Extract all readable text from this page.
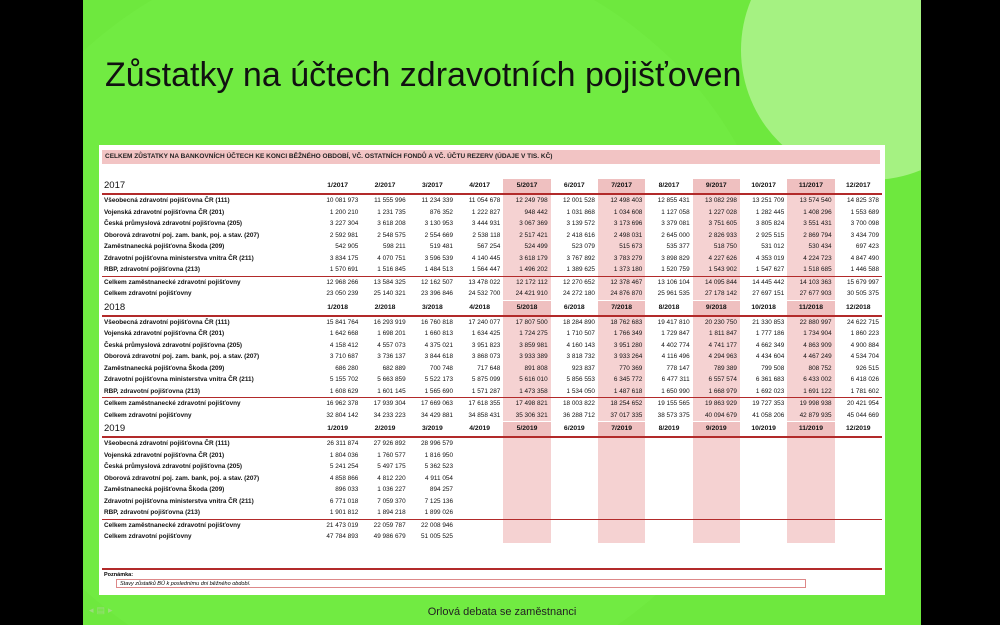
Zůstatky na účtech zdravotních pojišťoven
CELKEM ZŮSTATKY NA BANKOVNÍCH ÚČTECH KE KONCI BĚŽNÉHO OBDOBÍ, VČ. OSTATNÍCH FONDŮ A VČ. ÚČTU REZERV (ÚDAJE V TIS. KČ)
2017	1/2017	2/2017	3/2017	4/2017	5/2017	6/2017	7/2017	8/2017	9/2017	10/2017	11/2017	12/2017
Všeobecná zdravotní pojišťovna ČR (111)	10 081 973	11 555 996	11 234 339	11 054 678	12 249 798	12 001 528	12 498 403	12 855 431	13 082 298	13 251 709	13 574 540	14 825 378
Vojenská zdravotní pojišťovna ČR (201)	1 200 210	1 231 735	876 352	1 222 827	948 442	1 031 868	1 034 608	1 127 058	1 227 028	1 282 445	1 408 296	1 553 689
Česká průmyslová zdravotní pojišťovna (205)	3 227 304	3 618 208	3 130 953	3 444 931	3 067 369	3 139 572	3 173 696	3 379 081	3 751 605	3 805 824	3 551 431	3 700 098
Oborová zdravotní poj. zam. bank, poj. a stav. (207)	2 592 981	2 548 575	2 554 669	2 538 118	2 517 421	2 418 616	2 498 031	2 645 000	2 826 933	2 925 515	2 869 794	3 434 709
Zaměstnanecká pojišťovna Škoda (209)	542 905	598 211	519 481	567 254	524 499	523 079	515 673	535 377	518 750	531 012	530 434	697 423
Zdravotní pojišťovna ministerstva vnitra ČR (211)	3 834 175	4 070 751	3 596 539	4 140 445	3 618 179	3 767 892	3 783 279	3 898 829	4 227 626	4 353 019	4 224 723	4 847 490
RBP, zdravotní pojišťovna (213)	1 570 691	1 516 845	1 484 513	1 564 447	1 496 202	1 389 625	1 373 180	1 520 759	1 543 902	1 547 627	1 518 685	1 446 588
Celkem zaměstnanecké zdravotní pojišťovny	12 968 266	13 584 325	12 162 507	13 478 022	12 172 112	12 270 652	12 378 467	13 106 104	14 095 844	14 445 442	14 103 363	15 679 997
Celkem zdravotní pojišťovny	23 050 239	25 140 321	23 396 846	24 532 700	24 421 910	24 272 180	24 876 870	25 961 535	27 178 142	27 697 151	27 677 903	30 505 375
2018	1/2018	2/2018	3/2018	4/2018	5/2018	6/2018	7/2018	8/2018	9/2018	10/2018	11/2018	12/2018
Všeobecná zdravotní pojišťovna ČR (111)	15 841 764	16 293 919	16 760 818	17 240 077	17 807 500	18 284 890	18 762 683	19 417 810	20 230 750	21 330 853	22 880 997	24 622 715
Vojenská zdravotní pojišťovna ČR (201)	1 642 668	1 698 201	1 660 813	1 634 425	1 724 275	1 710 507	1 766 349	1 729 847	1 811 847	1 777 186	1 734 904	1 860 223
Česká průmyslová zdravotní pojišťovna (205)	4 158 412	4 557 073	4 375 021	3 951 823	3 859 981	4 160 143	3 951 280	4 402 774	4 741 177	4 662 349	4 863 909	4 900 884
Oborová zdravotní poj. zam. bank, poj. a stav. (207)	3 710 687	3 736 137	3 844 618	3 868 073	3 933 389	3 818 732	3 933 264	4 116 496	4 294 963	4 434 604	4 467 249	4 534 704
Zaměstnanecká pojišťovna Škoda (209)	686 280	682 889	700 748	717 648	891 808	923 837	770 369	778 147	789 389	799 508	808 752	926 515
Zdravotní pojišťovna ministerstva vnitra ČR (211)	5 155 702	5 663 859	5 522 173	5 875 099	5 616 010	5 856 553	6 345 772	6 477 311	6 557 574	6 361 683	6 433 002	6 418 026
RBP, zdravotní pojišťovna (213)	1 608 629	1 601 145	1 565 690	1 571 287	1 473 358	1 534 050	1 487 618	1 650 990	1 668 979	1 692 023	1 691 122	1 781 602
Celkem zaměstnanecké zdravotní pojišťovny	16 962 378	17 939 304	17 669 063	17 618 355	17 498 821	18 003 822	18 254 652	19 155 565	19 863 929	19 727 353	19 998 938	20 421 954
Celkem zdravotní pojišťovny	32 804 142	34 233 223	34 429 881	34 858 431	35 306 321	36 288 712	37 017 335	38 573 375	40 094 679	41 058 206	42 879 935	45 044 669
2019	1/2019	2/2019	3/2019	4/2019	5/2019	6/2019	7/2019	8/2019	9/2019	10/2019	11/2019	12/2019
Všeobecná zdravotní pojišťovna ČR (111)	26 311 874	27 926 892	28 996 579									
Vojenská zdravotní pojišťovna ČR (201)	1 804 036	1 760 577	1 816 950									
Česká průmyslová zdravotní pojišťovna (205)	5 241 254	5 497 175	5 362 523									
Oborová zdravotní poj. zam. bank, poj. a stav. (207)	4 858 866	4 812 220	4 911 054									
Zaměstnanecká pojišťovna Škoda (209)	896 033	1 036 227	894 257									
Zdravotní pojišťovna ministerstva vnitra ČR (211)	6 771 018	7 059 370	7 125 136									
RBP, zdravotní pojišťovna (213)	1 901 812	1 894 218	1 899 026									
Celkem zaměstnanecké zdravotní pojišťovny	21 473 019	22 059 787	22 008 946									
Celkem zdravotní pojišťovny	47 784 893	49 986 679	51 005 525									
Poznámka:
Stavy zůstatků BÚ k poslednímu dni běžného období.
◂▤▸	Orlová debata se zaměstnanci
